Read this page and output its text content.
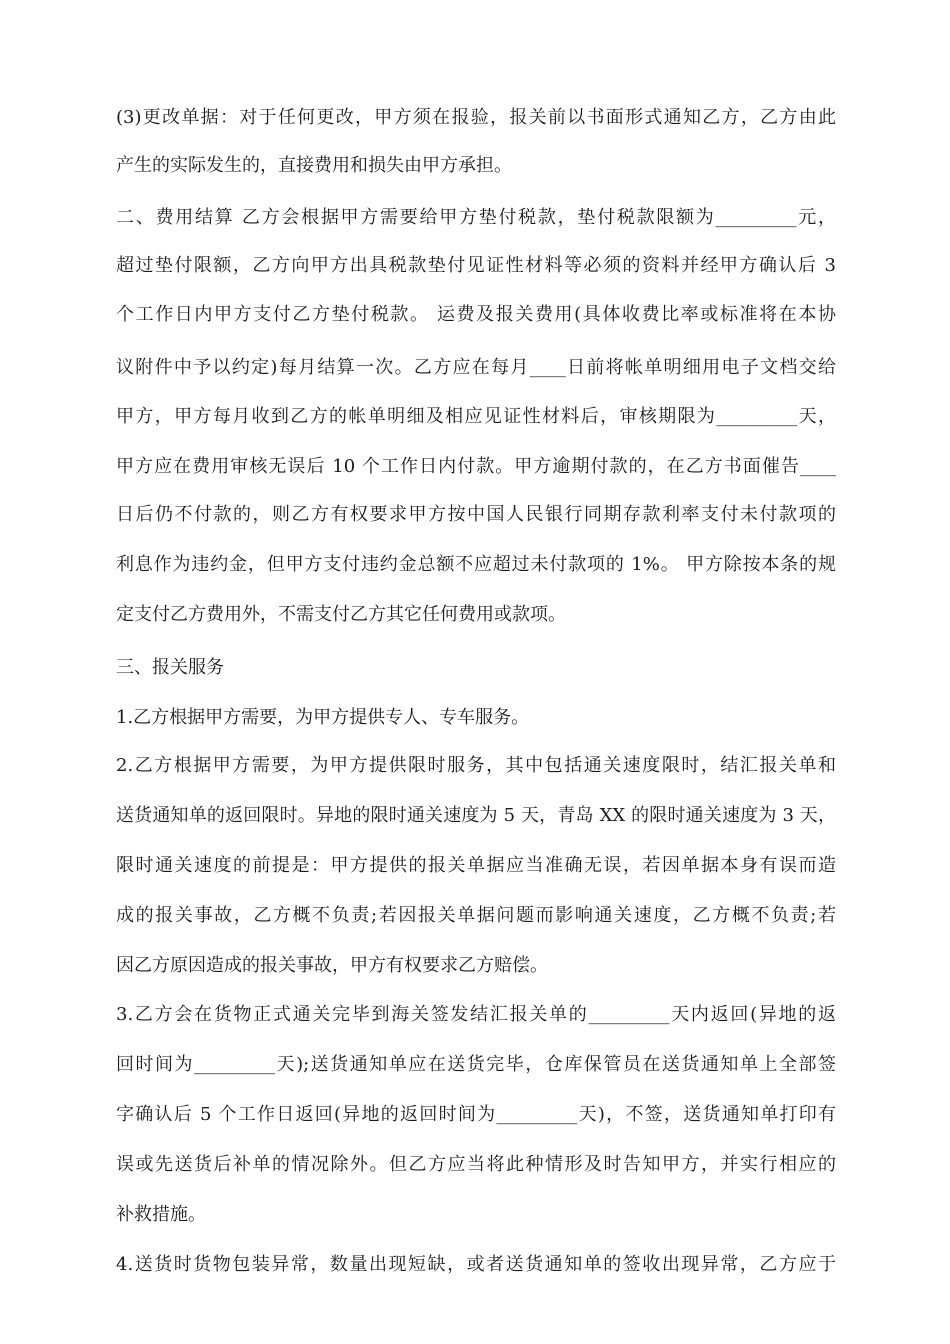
(3)更改单据：对于任何更改，甲方须在报验，报关前以书面形式通知乙方，乙方由此
产生的实际发生的，直接费用和损失由甲方承担。
二、费用结算 乙方会根据甲方需要给甲方垫付税款，垫付税款限额为_________元，
超过垫付限额，乙方向甲方出具税款垫付见证性材料等必须的资料并经甲方确认后 3
个工作日内甲方支付乙方垫付税款。 运费及报关费用(具体收费比率或标准将在本协
议附件中予以约定)每月结算一次。乙方应在每月____日前将帐单明细用电子文档交给
甲方，甲方每月收到乙方的帐单明细及相应见证性材料后，审核期限为_________天，
甲方应在费用审核无误后 10 个工作日内付款。甲方逾期付款的，在乙方书面催告____
日后仍不付款的，则乙方有权要求甲方按中国人民银行同期存款利率支付未付款项的
利息作为违约金，但甲方支付违约金总额不应超过未付款项的 1%。 甲方除按本条的规
定支付乙方费用外，不需支付乙方其它任何费用或款项。
三、报关服务
1.乙方根据甲方需要，为甲方提供专人、专车服务。
2.乙方根据甲方需要，为甲方提供限时服务，其中包括通关速度限时，结汇报关单和
送货通知单的返回限时。异地的限时通关速度为 5 天，青岛 XX 的限时通关速度为 3 天，
限时通关速度的前提是：甲方提供的报关单据应当准确无误，若因单据本身有误而造
成的报关事故，乙方概不负责;若因报关单据问题而影响通关速度，乙方概不负责;若
因乙方原因造成的报关事故，甲方有权要求乙方赔偿。
3.乙方会在货物正式通关完毕到海关签发结汇报关单的_________天内返回(异地的返
回时间为_________天);送货通知单应在送货完毕，仓库保管员在送货通知单上全部签
字确认后 5 个工作日返回(异地的返回时间为_________天)，不签，送货通知单打印有
误或先送货后补单的情况除外。但乙方应当将此种情形及时告知甲方，并实行相应的
补救措施。
4.送货时货物包装异常，数量出现短缺，或者送货通知单的签收出现异常，乙方应于
